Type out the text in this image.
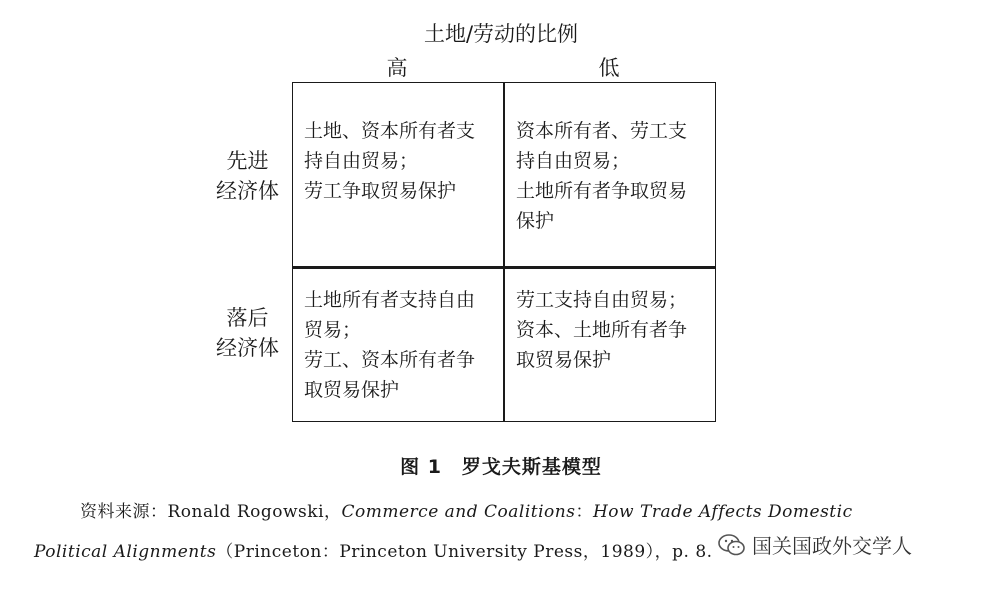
土地/劳动的比例
高	低
先进
经济体
落后
经济体
土地、资本所有者支
持自由贸易；
劳工争取贸易保护
资本所有者、劳工支
持自由贸易；
土地所有者争取贸易
保护
土地所有者支持自由
贸易；
劳工、资本所有者争
取贸易保护
劳工支持自由贸易；
资本、土地所有者争
取贸易保护
图 1　罗戈夫斯基模型
资料来源：Ronald Rogowski，Commerce and Coalitions：How Trade Affects Domestic
Political Alignments（Princeton：Princeton University Press，1989），p. 8. 国关国政外交学人
